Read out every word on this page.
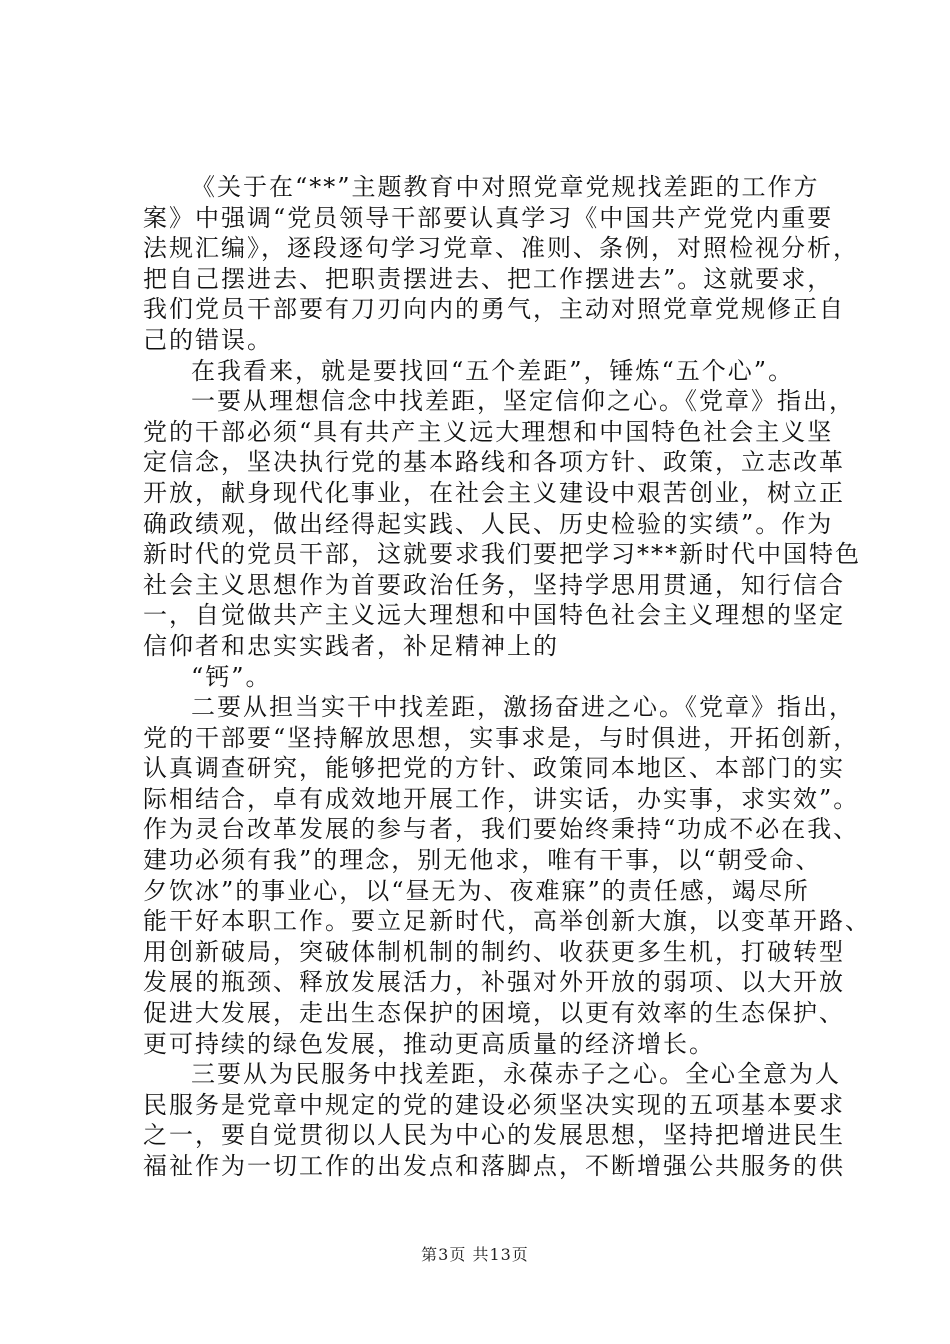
《关于在“**”主题教育中对照党章党规找差距的工作方
案》中强调“党员领导干部要认真学习《中国共产党党内重要
法规汇编》，逐段逐句学习党章、准则、条例，对照检视分析，
把自己摆进去、把职责摆进去、把工作摆进去”。这就要求，
我们党员干部要有刀刃向内的勇气，主动对照党章党规修正自
己的错误。

在我看来，就是要找回“五个差距”，锤炼“五个心”。

一要从理想信念中找差距，坚定信仰之心。《党章》指出，
党的干部必须“具有共产主义远大理想和中国特色社会主义坚
定信念，坚决执行党的基本路线和各项方针、政策，立志改革
开放，献身现代化事业，在社会主义建设中艰苦创业，树立正
确政绩观，做出经得起实践、人民、历史检验的实绩”。作为
新时代的党员干部，这就要求我们要把学习***新时代中国特色
社会主义思想作为首要政治任务，坚持学思用贯通，知行信合
一，自觉做共产主义远大理想和中国特色社会主义理想的坚定
信仰者和忠实实践者，补足精神上的

“钙”。

二要从担当实干中找差距，激扬奋进之心。《党章》指出，
党的干部要“坚持解放思想，实事求是，与时俱进，开拓创新，
认真调查研究，能够把党的方针、政策同本地区、本部门的实
际相结合，卓有成效地开展工作，讲实话，办实事，求实效”。
作为灵台改革发展的参与者，我们要始终秉持“功成不必在我、
建功必须有我”的理念，别无他求，唯有干事，以“朝受命、
夕饮冰”的事业心，以“昼无为、夜难寐”的责任感，竭尽所
能干好本职工作。要立足新时代，高举创新大旗，以变革开路、
用创新破局，突破体制机制的制约、收获更多生机，打破转型
发展的瓶颈、释放发展活力，补强对外开放的弱项、以大开放
促进大发展，走出生态保护的困境，以更有效率的生态保护、
更可持续的绿色发展，推动更高质量的经济增长。

三要从为民服务中找差距，永葆赤子之心。全心全意为人
民服务是党章中规定的党的建设必须坚决实现的五项基本要求
之一，要自觉贯彻以人民为中心的发展思想，坚持把增进民生
福祉作为一切工作的出发点和落脚点，不断增强公共服务的供

第3页 共13页
